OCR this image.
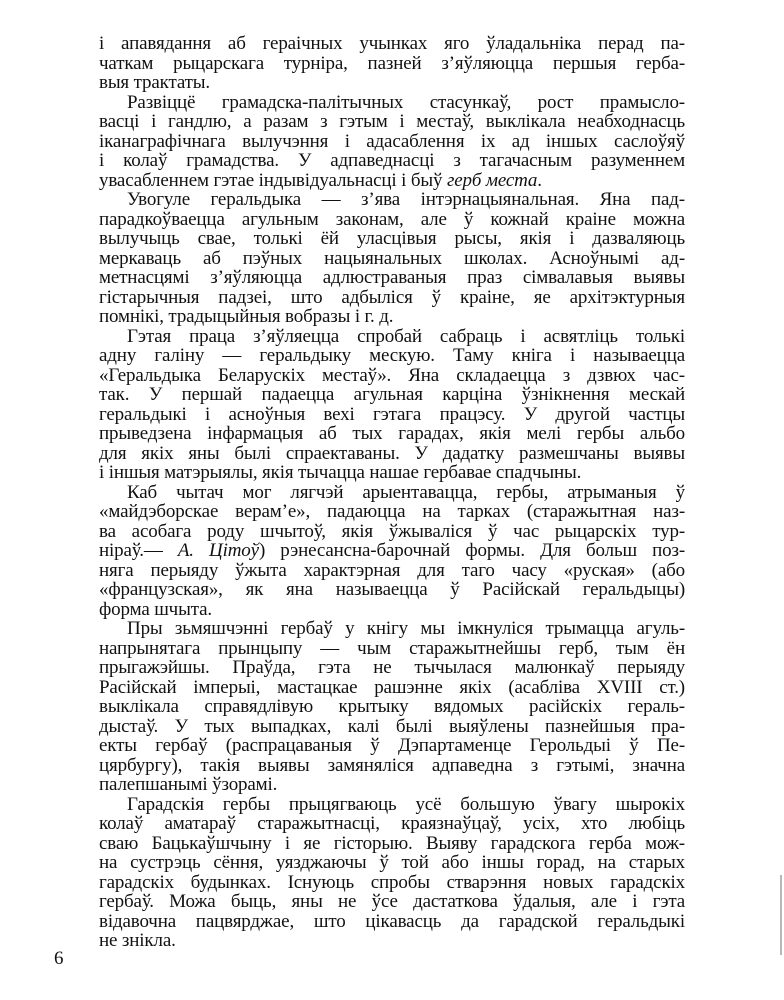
і апавядання аб гераічных учынках яго ўладальніка перад па-
чаткам рыцарскага турніра, пазней з’яўляюцца першыя герба-
выя трактаты.
Развіццё грамадска-палітычных стасункаў, рост прамысло-
васці і гандлю, а разам з гэтым і местаў, выклікала неабходнасць
іканаграфічнага вылучэння і адасаблення іх ад іншых саслоўяў
і колаў грамадства. У адпаведнасці з тагачасным разуменнем
увасабленнем гэтае індывідуальнасці і быў герб места.
Увогуле геральдыка — з’ява інтэрнацыянальная. Яна пад-
парадкоўваецца агульным законам, але ў кожнай краіне можна
вылучыць свае, толькі ёй уласцівыя рысы, якія і дазваляюць
меркаваць аб пэўных нацыянальных школах. Асноўнымі ад-
метнасцямі з’яўляюцца адлюстраваныя праз сімвалавыя выявы
гістарычныя падзеі, што адбыліся ў краіне, яе архітэктурныя
помнікі, традыцыйныя вобразы і г. д.
Гэтая праца з’яўляецца спробай сабраць і асвятліць толькі
адну галіну — геральдыку мескую. Таму кніга і называецца
«Геральдыка Беларускіх местаў». Яна складаецца з дзвюх час-
так. У першай падаецца агульная карціна ўзнікнення мескай
геральдыкі і асноўныя вехі гэтага працэсу. У другой частцы
прыведзена інфармацыя аб тых гарадах, якія мелі гербы альбо
для якіх яны былі спраектаваны. У дадатку размешчаны выявы
і іншыя матэрыялы, якія тычацца нашае гербавае спадчыны.
Каб чытач мог лягчэй арыентавацца, гербы, атрыманыя ў
«майдэборскае верам’е», падаюцца на тарках (старажытная наз-
ва асобага роду шчытоў, якія ўжываліся ў час рыцарскіх тур-
нiраў.— А. Цітоў) рэнесансна-барочнай формы. Для больш поз-
няга перыяду ўжыта характэрная для таго часу «руская» (або
«французская», як яна называецца ў Расійскай геральдыцы)
форма шчыта.
Пры зьмяшчэнні гербаў у кнігу мы імкнуліся трымацца агуль-
напрынятага прынцыпу — чым старажытнейшы герб, тым ён
прыгажэйшы. Праўда, гэта не тычылася малюнкаў перыяду
Расійскай імперыі, мастацкае рашэнне якіх (асабліва XVIII ст.)
выклікала справядлівую крытыку вядомых расійскіх гераль-
дыстаў. У тых выпадках, калі былі выяўлены пазнейшыя пра-
екты гербаў (распрацаваныя ў Дэпартаменце Герольдыі ў Пе-
цярбургу), такія выявы замяняліся адпаведна з гэтымі, значна
палепшанымі ўзорамі.
Гарадскія гербы прыцягваюць усё большую ўвагу шырокіх
колаў аматараў старажытнасці, краязнаўцаў, усіх, хто любіць
сваю Бацькаўшчыну і яе гісторыю. Выяву гарадскога герба мож-
на сустрэць сёння, уязджаючы ў той або іншы горад, на старых
гарадскіх будынках. Існуюць спробы стварэння новых гарадскіх
гербаў. Можа быць, яны не ўсе дастаткова ўдалыя, але і гэта
відавочна пацвярджае, што цікавасць да гарадской геральдыкі
не знікла.
6
